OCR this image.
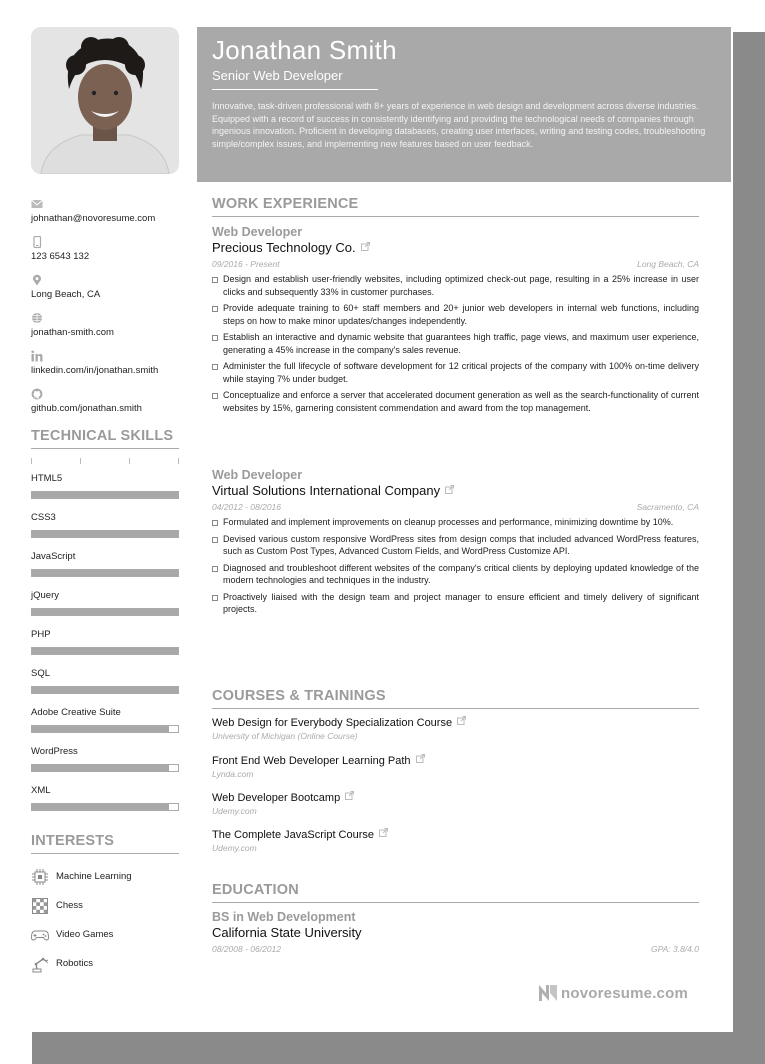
johnathan@novoresume.com
123 6543 132
Long Beach, CA
jonathan-smith.com
linkedin.com/in/jonathan.smith
github.com/jonathan.smith
TECHNICAL SKILLS
HTML5
CSS3
JavaScript
jQuery
PHP
SQL
Adobe Creative Suite
WordPress
XML
INTERESTS
Machine Learning
Chess
Video Games
Robotics
Jonathan Smith
Senior Web Developer
Innovative, task-driven professional with 8+ years of experience in web design and development across diverse industries. Equipped with a record of success in consistently identifying and providing the technological needs of companies through ingenious innovation. Proficient in developing databases, creating user interfaces, writing and testing codes, troubleshooting simple/complex issues, and implementing new features based on user feedback.
WORK EXPERIENCE
Web Developer
Precious Technology Co.
09/2016 - Present	Long Beach, CA
Design and establish user-friendly websites, including optimized check-out page, resulting in a 25% increase in user clicks and subsequently 33% in customer purchases.
Provide adequate training to 60+ staff members and 20+ junior web developers in internal web functions, including steps on how to make minor updates/changes independently.
Establish an interactive and dynamic website that guarantees high traffic, page views, and maximum user experience, generating a 45% increase in the company's sales revenue.
Administer the full lifecycle of software development for 12 critical projects of the company with 100% on-time delivery while staying 7% under budget.
Conceptualize and enforce a server that accelerated document generation as well as the search-functionality of current websites by 15%, garnering consistent commendation and award from the top management.
Web Developer
Virtual Solutions International Company
04/2012 - 08/2016	Sacramento, CA
Formulated and implement improvements on cleanup processes and performance, minimizing downtime by 10%.
Devised various custom responsive WordPress sites from design comps that included advanced WordPress features, such as Custom Post Types, Advanced Custom Fields, and WordPress Customize API.
Diagnosed and troubleshoot different websites of the company's critical clients by deploying updated knowledge of the modern technologies and techniques in the industry.
Proactively liaised with the design team and project manager to ensure efficient and timely delivery of significant projects.
COURSES & TRAININGS
Web Design for Everybody Specialization Course
University of Michigan (Online Course)
Front End Web Developer Learning Path
Lynda.com
Web Developer Bootcamp
Udemy.com
The Complete JavaScript Course
Udemy.com
EDUCATION
BS in Web Development
California State University
08/2008 - 06/2012	GPA: 3.8/4.0
novoresume.com
